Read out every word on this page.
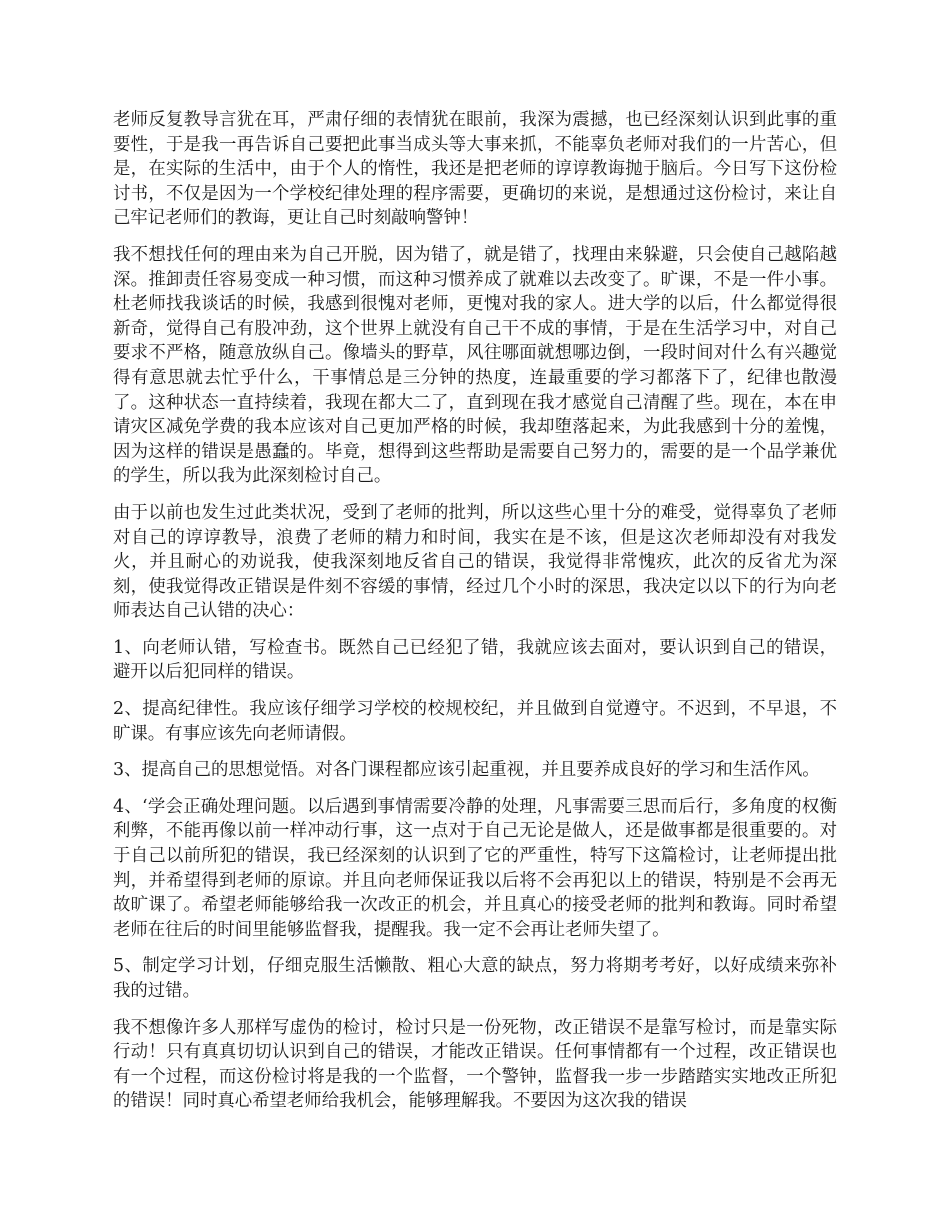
老师反复教导言犹在耳，严肃仔细的表情犹在眼前，我深为震撼，也已经深刻认识到此事的重要性，于是我一再告诉自己要把此事当成头等大事来抓，不能辜负老师对我们的一片苦心，但是，在实际的生活中，由于个人的惰性，我还是把老师的谆谆教诲抛于脑后。今日写下这份检讨书，不仅是因为一个学校纪律处理的程序需要，更确切的来说，是想通过这份检讨，来让自己牢记老师们的教诲，更让自己时刻敲响警钟！

我不想找任何的理由来为自己开脱，因为错了，就是错了，找理由来躲避，只会使自己越陷越深。推卸责任容易变成一种习惯，而这种习惯养成了就难以去改变了。旷课，不是一件小事。杜老师找我谈话的时候，我感到很愧对老师，更愧对我的家人。进大学的以后，什么都觉得很新奇，觉得自己有股冲劲，这个世界上就没有自己干不成的事情，于是在生活学习中，对自己要求不严格，随意放纵自己。像墙头的野草，风往哪面就想哪边倒，一段时间对什么有兴趣觉得有意思就去忙乎什么，干事情总是三分钟的热度，连最重要的学习都落下了，纪律也散漫了。这种状态一直持续着，我现在都大二了，直到现在我才感觉自己清醒了些。现在，本在申请灾区减免学费的我本应该对自己更加严格的时候，我却堕落起来，为此我感到十分的羞愧，因为这样的错误是愚蠢的。毕竟，想得到这些帮助是需要自己努力的，需要的是一个品学兼优的学生，所以我为此深刻检讨自己。

由于以前也发生过此类状况，受到了老师的批判，所以这些心里十分的难受，觉得辜负了老师对自己的谆谆教导，浪费了老师的精力和时间，我实在是不该，但是这次老师却没有对我发火，并且耐心的劝说我，使我深刻地反省自己的错误，我觉得非常愧疚，此次的反省尤为深刻，使我觉得改正错误是件刻不容缓的事情，经过几个小时的深思，我决定以以下的行为向老师表达自己认错的决心：

1、向老师认错，写检查书。既然自己已经犯了错，我就应该去面对，要认识到自己的错误，避开以后犯同样的错误。

2、提高纪律性。我应该仔细学习学校的校规校纪，并且做到自觉遵守。不迟到，不早退，不旷课。有事应该先向老师请假。

3、提高自己的思想觉悟。对各门课程都应该引起重视，并且要养成良好的学习和生活作风。

4、‘学会正确处理问题。以后遇到事情需要冷静的处理，凡事需要三思而后行，多角度的权衡利弊，不能再像以前一样冲动行事，这一点对于自己无论是做人，还是做事都是很重要的。对于自己以前所犯的错误，我已经深刻的认识到了它的严重性，特写下这篇检讨，让老师提出批判，并希望得到老师的原谅。并且向老师保证我以后将不会再犯以上的错误，特别是不会再无故旷课了。希望老师能够给我一次改正的机会，并且真心的接受老师的批判和教诲。同时希望老师在往后的时间里能够监督我，提醒我。我一定不会再让老师失望了。

5、制定学习计划，仔细克服生活懒散、粗心大意的缺点，努力将期考考好，以好成绩来弥补我的过错。

我不想像许多人那样写虚伪的检讨，检讨只是一份死物，改正错误不是靠写检讨，而是靠实际行动！只有真真切切认识到自己的错误，才能改正错误。任何事情都有一个过程，改正错误也有一个过程，而这份检讨将是我的一个监督，一个警钟，监督我一步一步踏踏实实地改正所犯的错误！同时真心希望老师给我机会，能够理解我。不要因为这次我的错误
